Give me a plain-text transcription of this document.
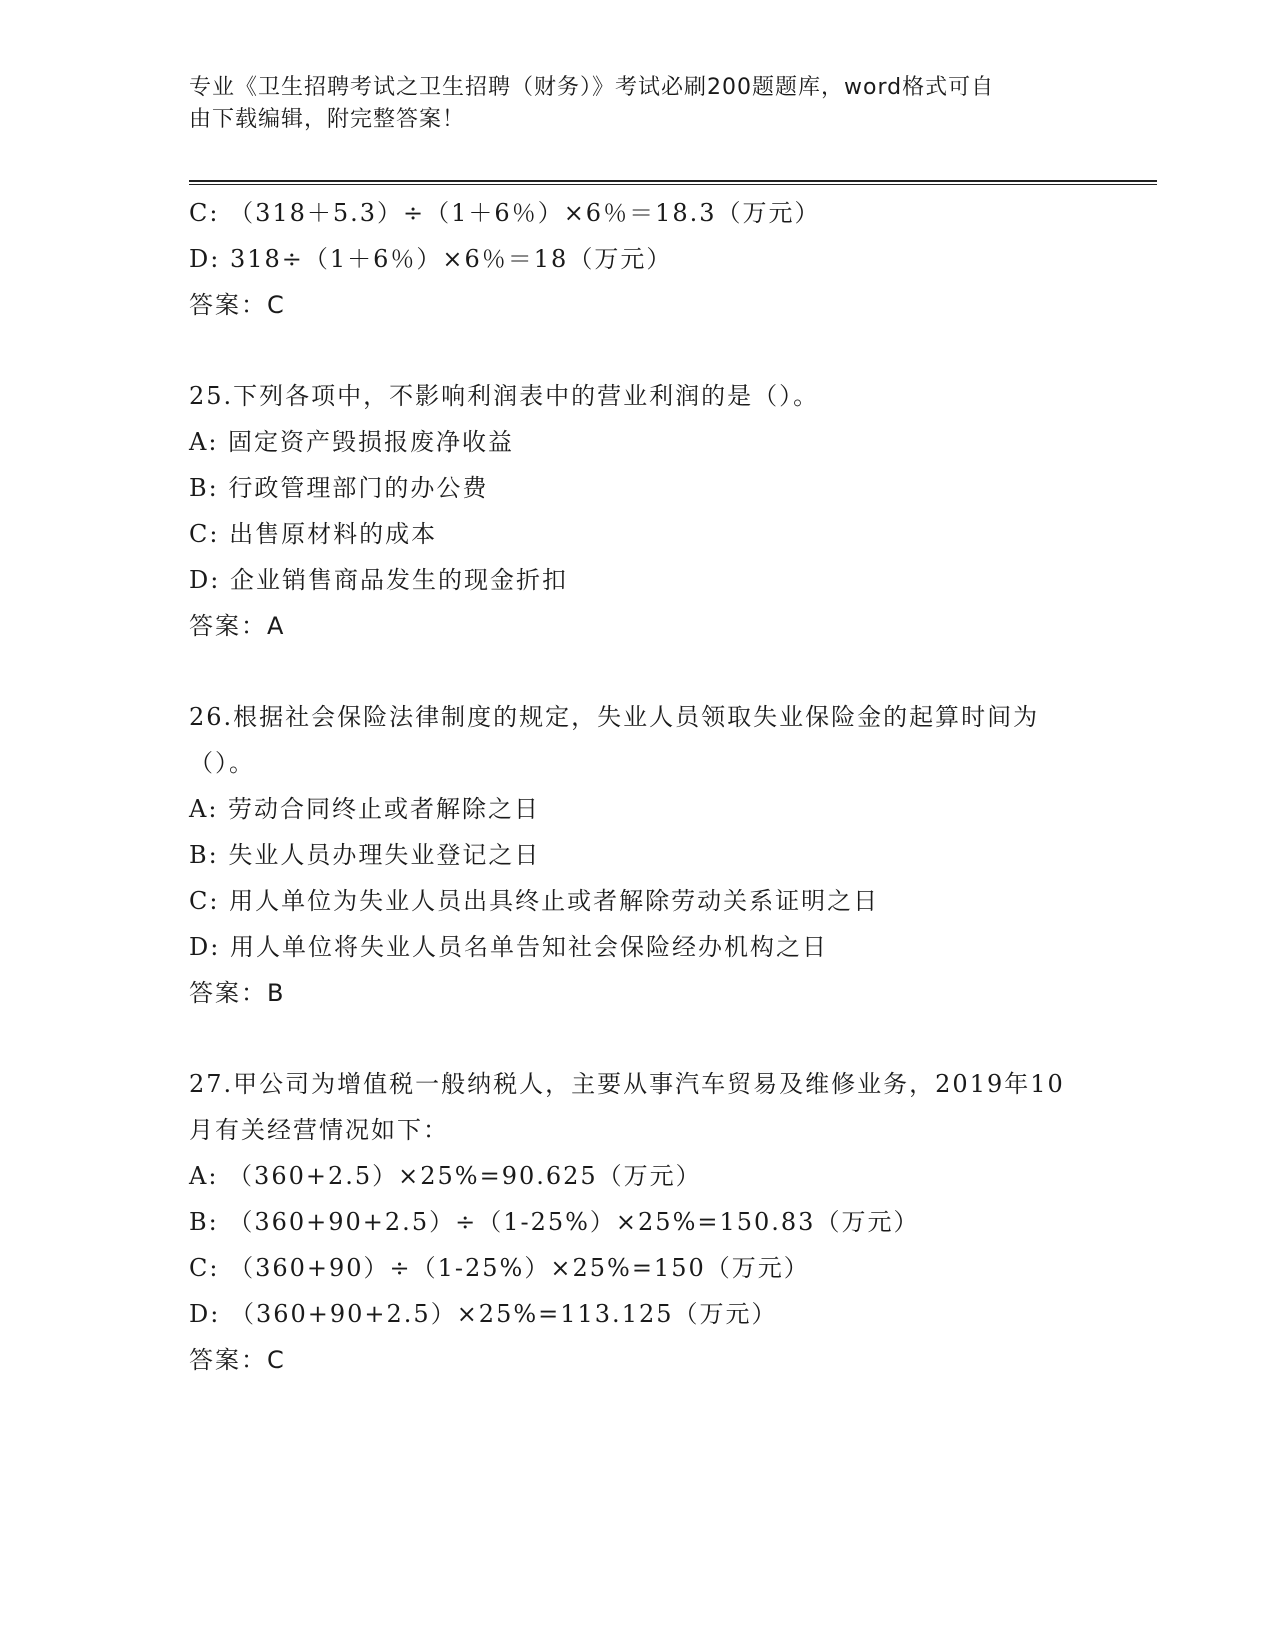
专业《卫生招聘考试之卫生招聘（财务）》考试必刷200题题库，word格式可自
由下载编辑，附完整答案！
C: （318＋5.3）÷（1＋6％）×6％＝18.3（万元）
D: 318÷（1＋6％）×6％＝18（万元）
答案：C
25.下列各项中，不影响利润表中的营业利润的是（）。
A: 固定资产毁损报废净收益
B: 行政管理部门的办公费
C: 出售原材料的成本
D: 企业销售商品发生的现金折扣
答案：A
26.根据社会保险法律制度的规定，失业人员领取失业保险金的起算时间为（）。
A: 劳动合同终止或者解除之日
B: 失业人员办理失业登记之日
C: 用人单位为失业人员出具终止或者解除劳动关系证明之日
D: 用人单位将失业人员名单告知社会保险经办机构之日
答案：B
27.甲公司为增值税一般纳税人，主要从事汽车贸易及维修业务，2019年10月有关经营情况如下：
A: （360+2.5）×25%=90.625（万元）
B: （360+90+2.5）÷（1-25%）×25%=150.83（万元）
C: （360+90）÷（1-25%）×25%=150（万元）
D: （360+90+2.5）×25%=113.125（万元）
答案：C
